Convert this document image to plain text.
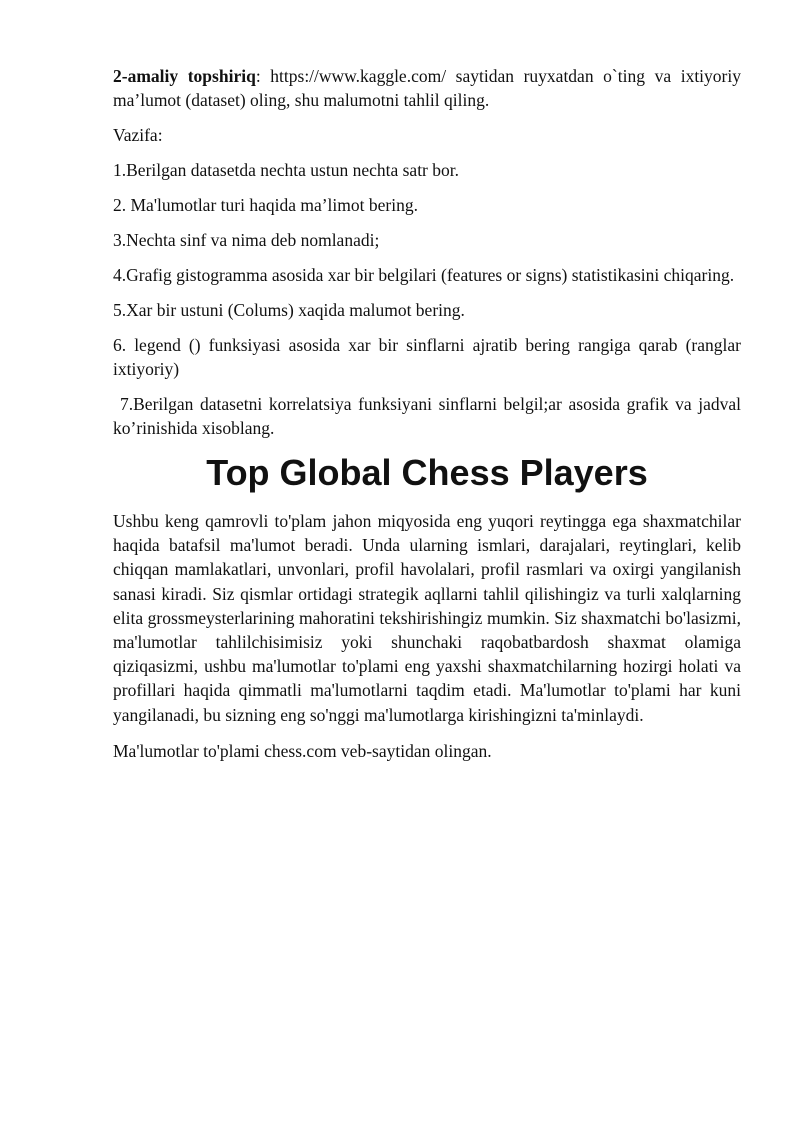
2-amaliy topshiriq: https://www.kaggle.com/ saytidan ruyxatdan o`ting va ixtiyoriy ma’lumot (dataset) oling, shu malumotni tahlil qiling.

Vazifa:

1.Berilgan datasetda nechta ustun nechta satr bor.

2. Ma'lumotlar turi haqida ma’limot bering.

3.Nechta sinf va nima deb nomlanadi;

4.Grafig gistogramma asosida xar bir belgilari (features or signs) statistikasini chiqaring.

5.Xar bir ustuni (Colums) xaqida malumot bering.

6. legend () funksiyasi asosida xar bir sinflarni ajratib bering rangiga qarab (ranglar ixtiyoriy)

7.Berilgan datasetni korrelatsiya funksiyani sinflarni belgil;ar asosida grafik va jadval ko’rinishida xisoblang.

Top Global Chess Players

Ushbu keng qamrovli to'plam jahon miqyosida eng yuqori reytingga ega shaxmatchilar haqida batafsil ma'lumot beradi. Unda ularning ismlari, darajalari, reytinglari, kelib chiqqan mamlakatlari, unvonlari, profil havolalari, profil rasmlari va oxirgi yangilanish sanasi kiradi. Siz qismlar ortidagi strategik aqllarni tahlil qilishingiz va turli xalqlarning elita grossmeysterlarining mahoratini tekshirishingiz mumkin. Siz shaxmatchi bo'lasizmi, ma'lumotlar tahlilchisimisiz yoki shunchaki raqobatbardosh shaxmat olamiga qiziqasizmi, ushbu ma'lumotlar to'plami eng yaxshi shaxmatchilarning hozirgi holati va profillari haqida qimmatli ma'lumotlarni taqdim etadi. Ma'lumotlar to'plami har kuni yangilanadi, bu sizning eng so'nggi ma'lumotlarga kirishingizni ta'minlaydi.

Ma'lumotlar to'plami chess.com veb-saytidan olingan.
